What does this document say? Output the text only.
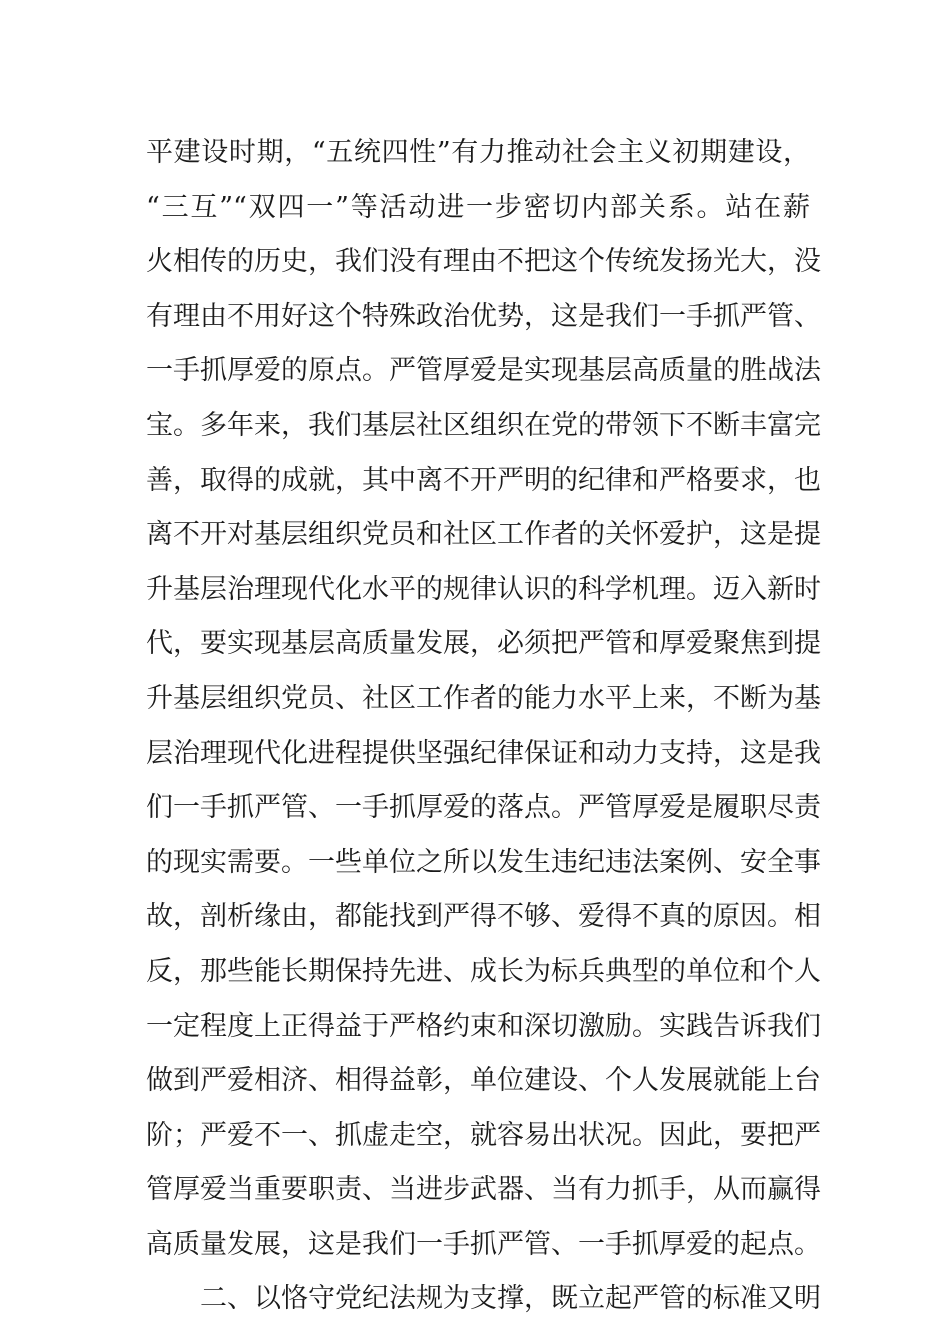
平建设时期，“五统四性”有力推动社会主义初期建设，
“三互”“双四一”等活动进一步密切内部关系。站在薪
火相传的历史，我们没有理由不把这个传统发扬光大，没
有理由不用好这个特殊政治优势，这是我们一手抓严管、
一手抓厚爱的原点。严管厚爱是实现基层高质量的胜战法
宝。多年来，我们基层社区组织在党的带领下不断丰富完
善，取得的成就，其中离不开严明的纪律和严格要求，也
离不开对基层组织党员和社区工作者的关怀爱护，这是提
升基层治理现代化水平的规律认识的科学机理。迈入新时
代，要实现基层高质量发展，必须把严管和厚爱聚焦到提
升基层组织党员、社区工作者的能力水平上来，不断为基
层治理现代化进程提供坚强纪律保证和动力支持，这是我
们一手抓严管、一手抓厚爱的落点。严管厚爱是履职尽责
的现实需要。一些单位之所以发生违纪违法案例、安全事
故，剖析缘由，都能找到严得不够、爱得不真的原因。相
反，那些能长期保持先进、成长为标兵典型的单位和个人
一定程度上正得益于严格约束和深切激励。实践告诉我们
做到严爱相济、相得益彰，单位建设、个人发展就能上台
阶；严爱不一、抓虚走空，就容易出状况。因此，要把严
管厚爱当重要职责、当进步武器、当有力抓手，从而赢得
高质量发展，这是我们一手抓严管、一手抓厚爱的起点。
二、以恪守党纪法规为支撑，既立起严管的标准又明
